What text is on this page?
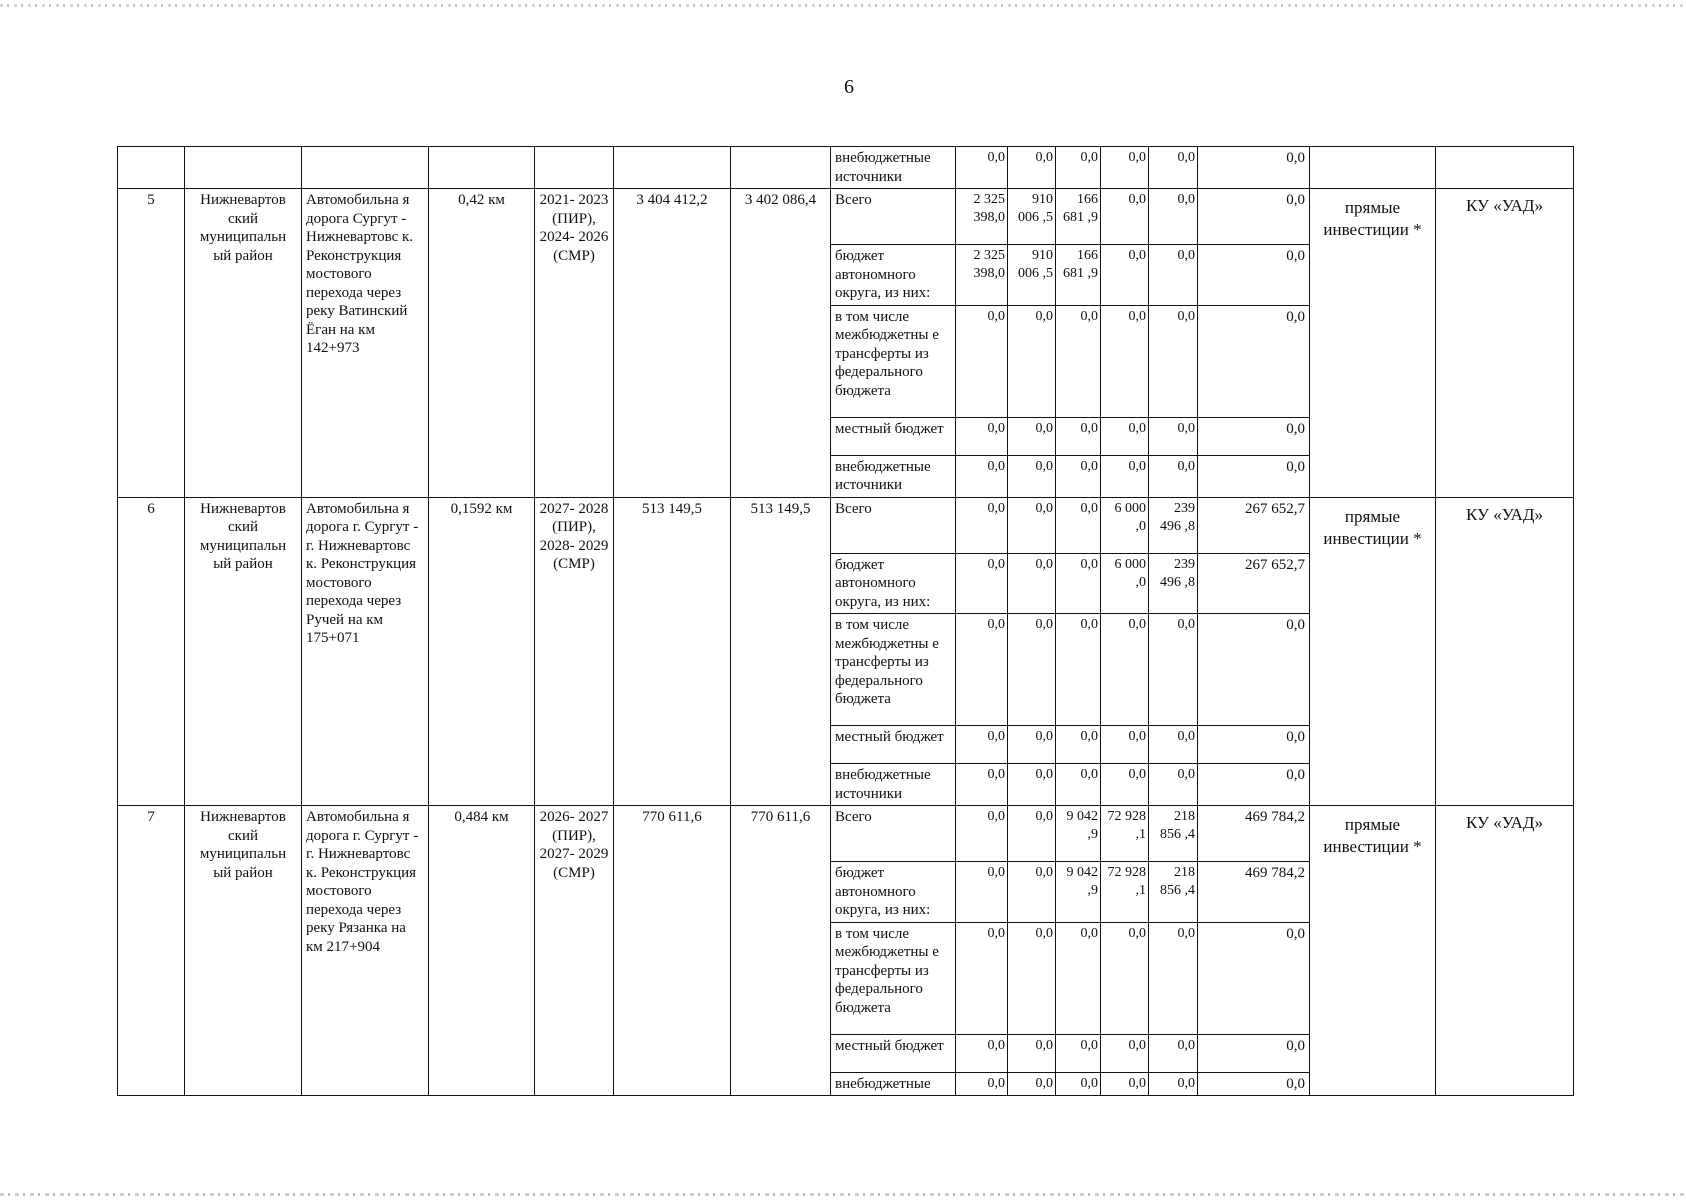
6
							внебюджетные источники	0,0	0,0	0,0	0,0	0,0	0,0		
5	Нижневартов ский муниципальн ый район	Автомобильна я дорога Сургут - Нижневартовс к. Реконструкция мостового перехода через реку Ватинский Ёган на км 142+973	0,42 км	2021- 2023 (ПИР), 2024- 2026 (СМР)	3 404 412,2	3 402 086,4	Всего	2 325 398,0	910 006 ,5	166 681 ,9	0,0	0,0	0,0	прямые инвестиции *	КУ «УАД»
							бюджет автономного округа, из них:	2 325 398,0	910 006 ,5	166 681 ,9	0,0	0,0	0,0		
							в том числе межбюджетны е трансферты из федерального бюджета	0,0	0,0	0,0	0,0	0,0	0,0		
							местный бюджет	0,0	0,0	0,0	0,0	0,0	0,0		
							внебюджетные источники	0,0	0,0	0,0	0,0	0,0	0,0		
6	Нижневартов ский муниципальн ый район	Автомобильна я дорога г. Сургут - г. Нижневартовс к. Реконструкция мостового перехода через Ручей на км 175+071	0,1592 км	2027- 2028 (ПИР), 2028- 2029 (СМР)	513 149,5	513 149,5	Всего	0,0	0,0	0,0	6 000 ,0	239 496 ,8	267 652,7	прямые инвестиции *	КУ «УАД»
							бюджет автономного округа, из них:	0,0	0,0	0,0	6 000 ,0	239 496 ,8	267 652,7		
							в том числе межбюджетны е трансферты из федерального бюджета	0,0	0,0	0,0	0,0	0,0	0,0		
							местный бюджет	0,0	0,0	0,0	0,0	0,0	0,0		
							внебюджетные источники	0,0	0,0	0,0	0,0	0,0	0,0		
7	Нижневартов ский муниципальн ый район	Автомобильна я дорога г. Сургут - г. Нижневартовс к. Реконструкция мостового перехода через реку Рязанка на км 217+904	0,484 км	2026- 2027 (ПИР), 2027- 2029 (СМР)	770 611,6	770 611,6	Всего	0,0	0,0	9 042 ,9	72 928 ,1	218 856 ,4	469 784,2	прямые инвестиции *	КУ «УАД»
							бюджет автономного округа, из них:	0,0	0,0	9 042 ,9	72 928 ,1	218 856 ,4	469 784,2		
							в том числе межбюджетны е трансферты из федерального бюджета	0,0	0,0	0,0	0,0	0,0	0,0		
							местный бюджет	0,0	0,0	0,0	0,0	0,0	0,0		
							внебюджетные	0,0	0,0	0,0	0,0	0,0	0,0		
